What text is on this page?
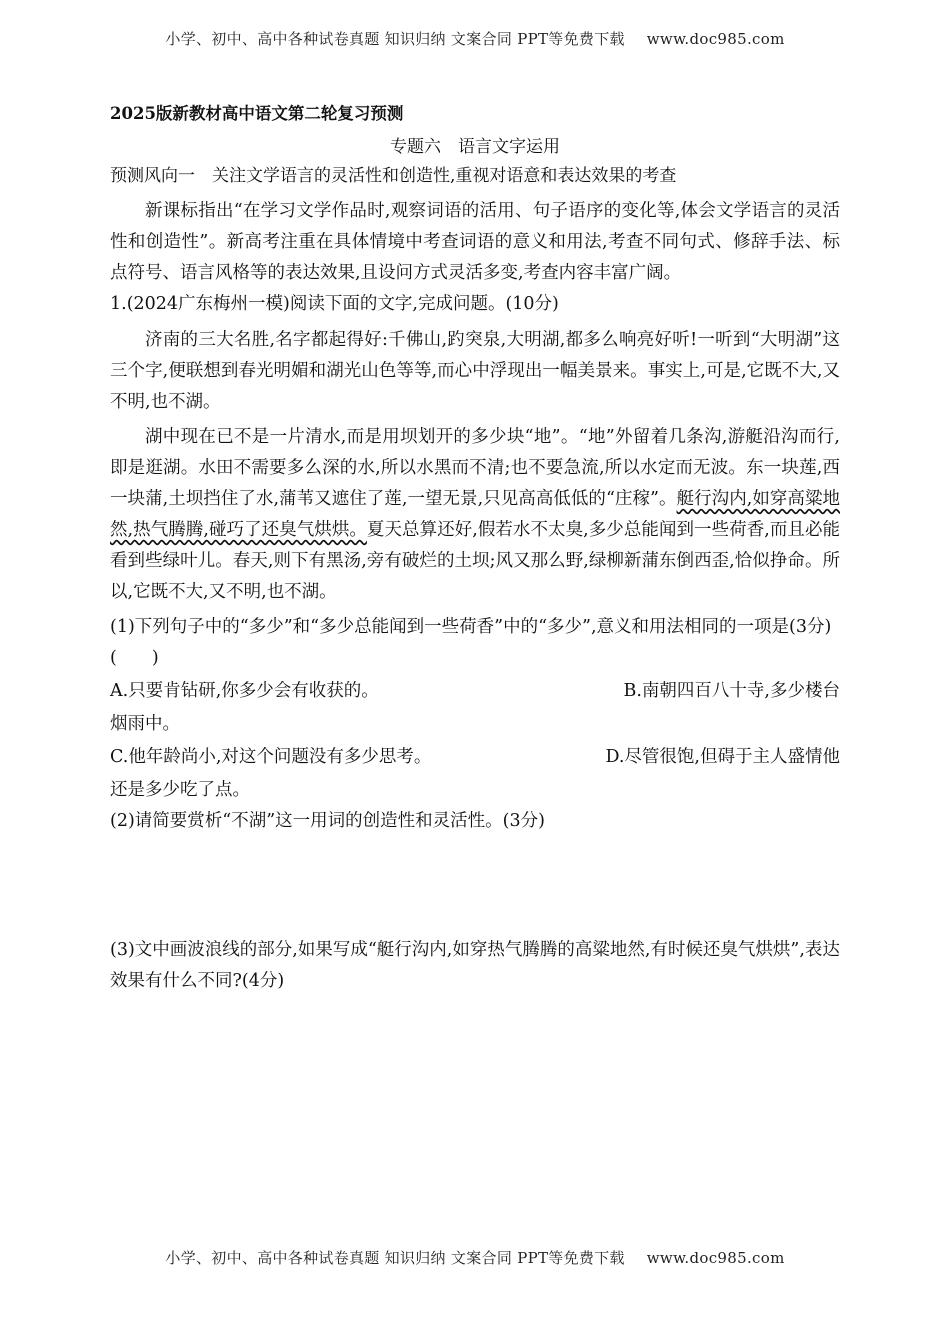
小学、初中、高中各种试卷真题 知识归纳 文案合同 PPT等免费下载 www.doc985.com
2025版新教材高中语文第二轮复习预测
专题六　语言文字运用
预测风向一　关注文学语言的灵活性和创造性,重视对语意和表达效果的考查

新课标指出“在学习文学作品时,观察词语的活用、句子语序的变化等,体会文学语言的灵活性和创造性”。新高考注重在具体情境中考查词语的意义和用法,考查不同句式、修辞手法、标点符号、语言风格等的表达效果,且设问方式灵活多变,考查内容丰富广阔。

1.(2024广东梅州一模)阅读下面的文字,完成问题。(10分)

济南的三大名胜,名字都起得好:千佛山,趵突泉,大明湖,都多么响亮好听!一听到“大明湖”这三个字,便联想到春光明媚和湖光山色等等,而心中浮现出一幅美景来。事实上,可是,它既不大,又不明,也不湖。

湖中现在已不是一片清水,而是用坝划开的多少块“地”。“地”外留着几条沟,游艇沿沟而行,即是逛湖。水田不需要多么深的水,所以水黑而不清;也不要急流,所以水定而无波。东一块莲,西一块蒲,土坝挡住了水,蒲苇又遮住了莲,一望无景,只见高高低低的“庄稼”。艇行沟内,如穿高粱地然,热气腾腾,碰巧了还臭气烘烘。夏天总算还好,假若水不太臭,多少总能闻到一些荷香,而且必能看到些绿叶儿。春天,则下有黑汤,旁有破烂的土坝;风又那么野,绿柳新蒲东倒西歪,恰似挣命。所以,它既不大,又不明,也不湖。

(1)下列句子中的“多少”和“多少总能闻到一些荷香”中的“多少”,意义和用法相同的一项是(3分)(　　)

A.只要肯钻研,你多少会有收获的。	B.南朝四百八十寺,多少楼台
烟雨中。
C.他年龄尚小,对这个问题没有多少思考。	D.尽管很饱,但碍于主人盛情他
还是多少吃了点。

(2)请简要赏析“不湖”这一用词的创造性和灵活性。(3分)

(3)文中画波浪线的部分,如果写成“艇行沟内,如穿热气腾腾的高粱地然,有时候还臭气烘烘”,表达效果有什么不同?(4分)

小学、初中、高中各种试卷真题 知识归纳 文案合同 PPT等免费下载 www.doc985.com
